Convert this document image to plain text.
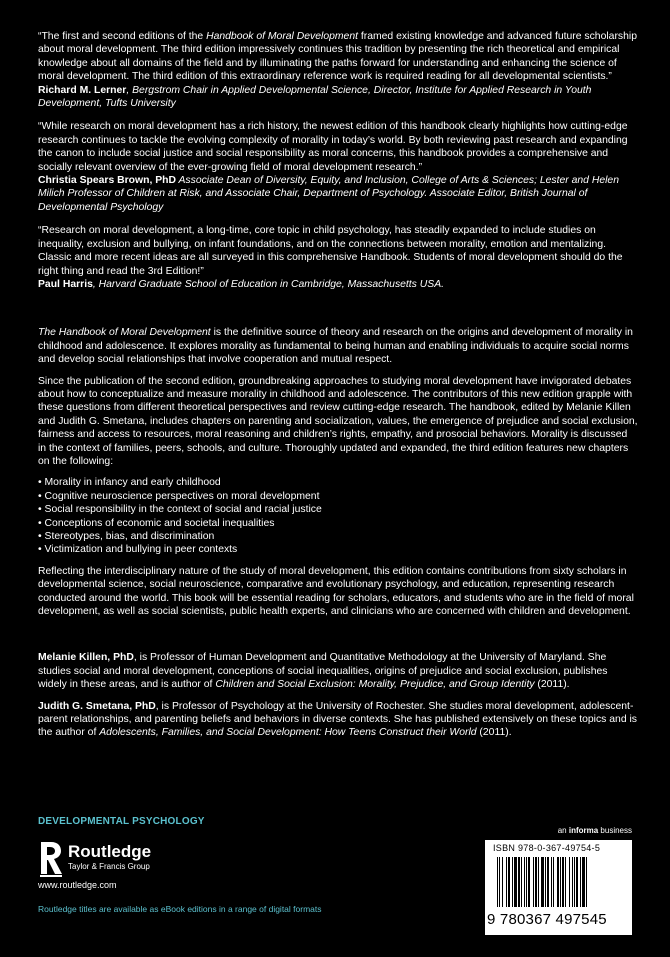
“The first and second editions of the Handbook of Moral Development framed existing knowledge and advanced future scholarship about moral development. The third edition impressively continues this tradition by presenting the rich theoretical and empirical knowledge about all domains of the field and by illuminating the paths forward for understanding and enhancing the science of moral development. The third edition of this extraordinary reference work is required reading for all developmental scientists.”

Richard M. Lerner, Bergstrom Chair in Applied Developmental Science, Director, Institute for Applied Research in Youth Development, Tufts University

“While research on moral development has a rich history, the newest edition of this handbook clearly highlights how cutting-edge research continues to tackle the evolving complexity of morality in today’s world. By both reviewing past research and expanding the canon to include social justice and social responsibility as moral concerns, this handbook provides a comprehensive and socially relevant overview of the ever-growing field of moral development research.”

Christia Spears Brown, PhD Associate Dean of Diversity, Equity, and Inclusion, College of Arts & Sciences; Lester and Helen Milich Professor of Children at Risk, and Associate Chair, Department of Psychology. Associate Editor, British Journal of Developmental Psychology

“Research on moral development, a long-time, core topic in child psychology, has steadily expanded to include studies on inequality, exclusion and bullying, on infant foundations, and on the connections between morality, emotion and mentalizing. Classic and more recent ideas are all surveyed in this comprehensive Handbook. Students of moral development should do the right thing and read the 3rd Edition!”

Paul Harris, Harvard Graduate School of Education in Cambridge, Massachusetts USA.

The Handbook of Moral Development is the definitive source of theory and research on the origins and development of morality in childhood and adolescence. It explores morality as fundamental to being human and enabling individuals to acquire social norms and develop social relationships that involve cooperation and mutual respect.

Since the publication of the second edition, groundbreaking approaches to studying moral development have invigorated debates about how to conceptualize and measure morality in childhood and adolescence. The contributors of this new edition grapple with these questions from different theoretical perspectives and review cutting-edge research. The handbook, edited by Melanie Killen and Judith G. Smetana, includes chapters on parenting and socialization, values, the emergence of prejudice and social exclusion, fairness and access to resources, moral reasoning and children’s rights, empathy, and prosocial behaviors. Morality is discussed in the context of families, peers, schools, and culture. Thoroughly updated and expanded, the third edition features new chapters on the following:

• Morality in infancy and early childhood
• Cognitive neuroscience perspectives on moral development
• Social responsibility in the context of social and racial justice
• Conceptions of economic and societal inequalities
• Stereotypes, bias, and discrimination
• Victimization and bullying in peer contexts

Reflecting the interdisciplinary nature of the study of moral development, this edition contains contributions from sixty scholars in developmental science, social neuroscience, comparative and evolutionary psychology, and education, representing research conducted around the world. This book will be essential reading for scholars, educators, and students who are in the field of moral development, as well as social scientists, public health experts, and clinicians who are concerned with children and development.

Melanie Killen, PhD, is Professor of Human Development and Quantitative Methodology at the University of Maryland. She studies social and moral development, conceptions of social inequalities, origins of prejudice and social exclusion, publishes widely in these areas, and is author of Children and Social Exclusion: Morality, Prejudice, and Group Identity (2011).

Judith G. Smetana, PhD, is Professor of Psychology at the University of Rochester. She studies moral development, adolescent-parent relationships, and parenting beliefs and behaviors in diverse contexts. She has published extensively on these topics and is the author of Adolescents, Families, and Social Development: How Teens Construct their World (2011).

DEVELOPMENTAL PSYCHOLOGY
Routledge
Taylor & Francis Group
www.routledge.com
Routledge titles are available as eBook editions in a range of digital formats
an informa business
ISBN 978-0-367-49754-5
9 780367 497545
